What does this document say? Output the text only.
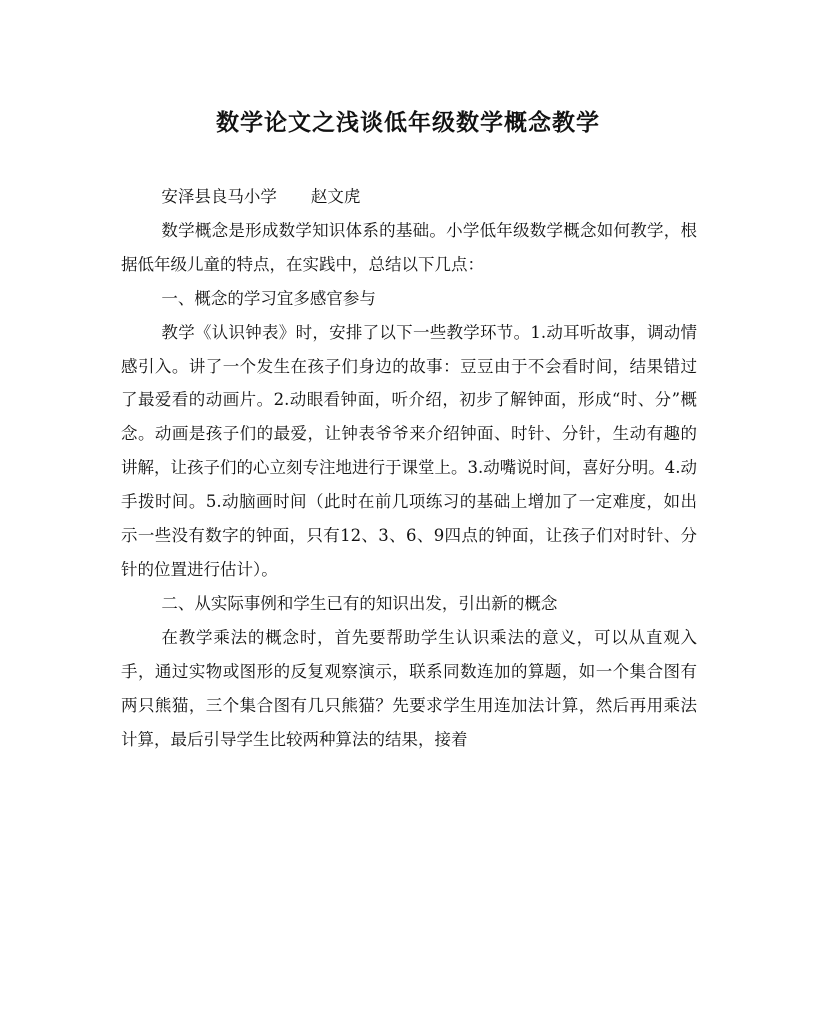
数学论文之浅谈低年级数学概念教学

安泽县良马小学 赵文虎

数学概念是形成数学知识体系的基础。小学低年级数学概念如何教学，根据低年级儿童的特点，在实践中，总结以下几点：

一、概念的学习宜多感官参与

教学《认识钟表》时，安排了以下一些教学环节。1.动耳听故事，调动情感引入。讲了一个发生在孩子们身边的故事：豆豆由于不会看时间，结果错过了最爱看的动画片。2.动眼看钟面，听介绍，初步了解钟面，形成“时、分”概念。动画是孩子们的最爱，让钟表爷爷来介绍钟面、时针、分针，生动有趣的讲解，让孩子们的心立刻专注地进行于课堂上。3.动嘴说时间，喜好分明。4.动手拨时间。5.动脑画时间（此时在前几项练习的基础上增加了一定难度，如出示一些没有数字的钟面，只有12、3、6、9四点的钟面，让孩子们对时针、分针的位置进行估计）。

二、从实际事例和学生已有的知识出发，引出新的概念

在教学乘法的概念时，首先要帮助学生认识乘法的意义，可以从直观入手，通过实物或图形的反复观察演示，联系同数连加的算题，如一个集合图有两只熊猫，三个集合图有几只熊猫？先要求学生用连加法计算，然后再用乘法计算，最后引导学生比较两种算法的结果，接着
